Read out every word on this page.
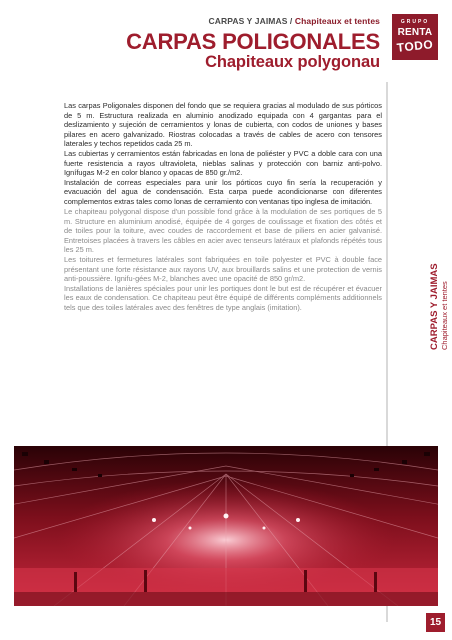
CARPAS Y JAIMAS / Chapiteaux et tentes
CARPAS POLIGONALES
Chapiteaux polygonau
GRUPO
RENTA
TODO

Las carpas Poligonales disponen del fondo que se requiera gracias al modulado de sus pórticos de 5 m. Estructura realizada en aluminio anodizado equipada con 4 gargantas para el deslizamiento y sujeción de cerramientos y lonas de cubierta, con codos de uniones y bases pilares en acero galvanizado. Riostras colocadas a través de cables de acero con tensores laterales y techos repetidos cada 25 m.

Las cubiertas y cerramientos están fabricadas en lona de poliéster y PVC a doble cara con una fuerte resistencia a rayos ultravioleta, nieblas salinas y protección con barniz anti-polvo. Ignífugas M-2 en color blanco y opacas de 850 gr./m2.

Instalación de correas especiales para unir los pórticos cuyo fin sería la recuperación y evacuación del agua de condensación. Esta carpa puede acondicionarse con diferentes complementos extras tales como lonas de cerramiento con ventanas tipo inglesa de imitación.

Le chapiteau polygonal dispose d'un possible fond grâce à la modulation de ses portiques de 5 m. Structure en aluminium anodisé, équipée de 4 gorges de coulissage et fixation des côtés et de toiles pour la toiture, avec coudes de raccordement et base de piliers en acier galvanisé. Entretoises placées à travers les câbles en acier avec tenseurs latéraux et plafonds répétés tous les 25 m.

Les toitures et fermetures latérales sont fabriquées en toile polyester et PVC à double face présentant une forte résistance aux rayons UV, aux brouillards salins et une protection de vernis anti-poussière. Ignifu-gées M-2, blanches avec une opacité de 850 gr/m2.

Installations de lanières spéciales pour unir les portiques dont le but est de récupérer et évacuer les eaux de condensation. Ce chapiteau peut être équipé de différents compléments additionnels tels que des toiles latérales avec des fenêtres de type anglais (imitation).	CARPAS Y JAIMAS Chapiteaux et tentes
15
